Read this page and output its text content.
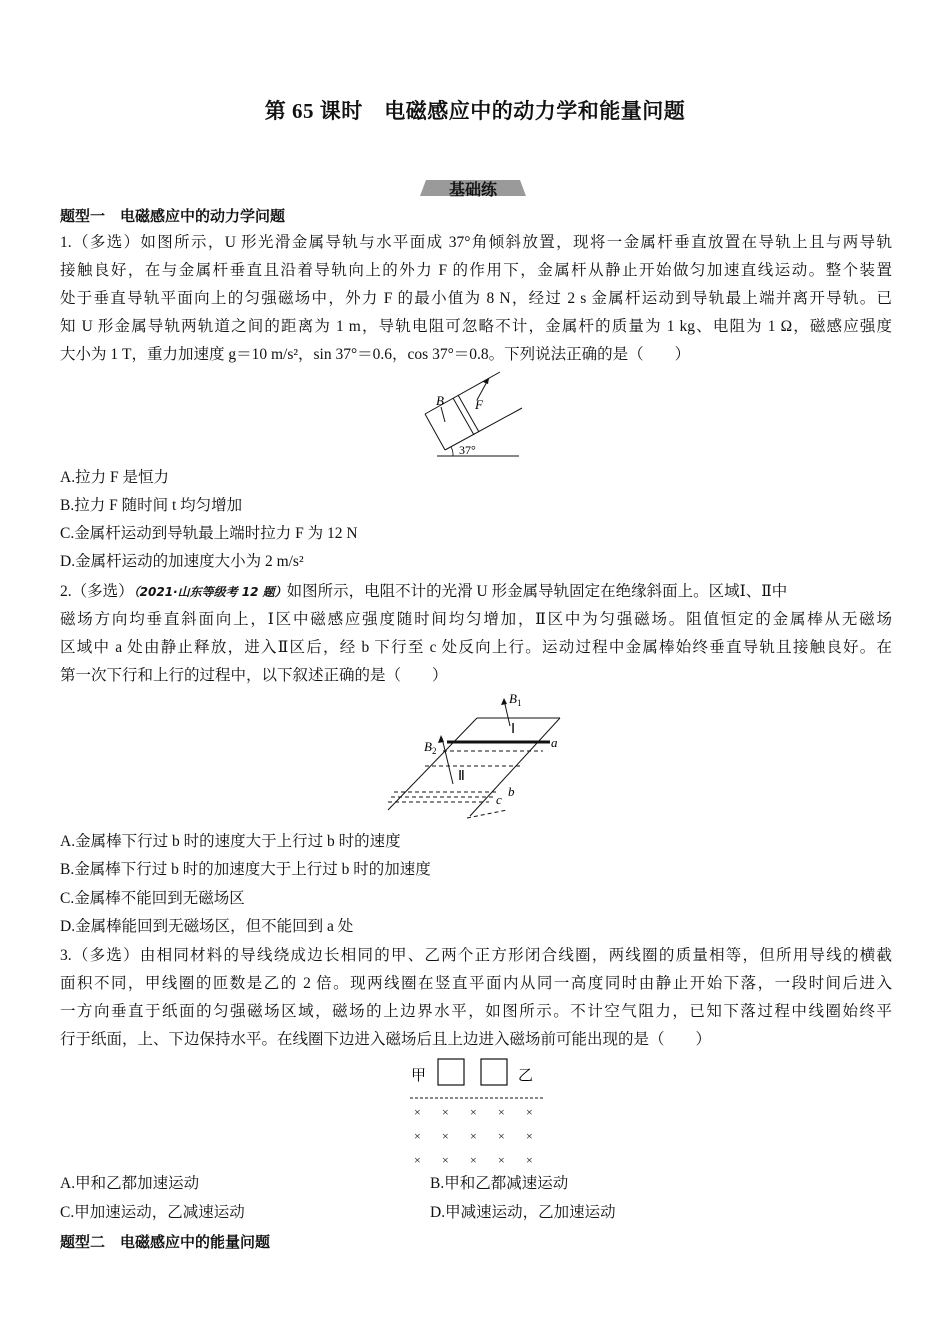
第 65 课时　电磁感应中的动力学和能量问题
基础练
题型一　电磁感应中的动力学问题
1.（多选）如图所示，U 形光滑金属导轨与水平面成 37°角倾斜放置，现将一金属杆垂直放置在导轨上且与两导轨
接触良好，在与金属杆垂直且沿着导轨向上的外力 F 的作用下，金属杆从静止开始做匀加速直线运动。整个装置
处于垂直导轨平面向上的匀强磁场中，外力 F 的最小值为 8 N，经过 2 s 金属杆运动到导轨最上端并离开导轨。已
知 U 形金属导轨两轨道之间的距离为 1 m，导轨电阻可忽略不计，金属杆的质量为 1 kg、电阻为 1 Ω，磁感应强度
大小为 1 T，重力加速度 g＝10 m/s²，sin 37°＝0.6，cos 37°＝0.8。下列说法正确的是（　　）
B F
37°
A.拉力 F 是恒力
B.拉力 F 随时间 t 均匀增加
C.金属杆运动到导轨最上端时拉力 F 为 12 N
D.金属杆运动的加速度大小为 2 m/s²
2.（多选）（2021·山东等级考 12 题）如图所示，电阻不计的光滑 U 形金属导轨固定在绝缘斜面上。区域Ⅰ、Ⅱ中
磁场方向均垂直斜面向上，Ⅰ区中磁感应强度随时间均匀增加，Ⅱ区中为匀强磁场。阻值恒定的金属棒从无磁场
区域中 a 处由静止释放，进入Ⅱ区后，经 b 下行至 c 处反向上行。运动过程中金属棒始终垂直导轨且接触良好。在
第一次下行和上行的过程中，以下叙述正确的是（　　）
$B_1$
$B_2$
Ⅰ
Ⅱ
a
b
c
A.金属棒下行过 b 时的速度大于上行过 b 时的速度
B.金属棒下行过 b 时的加速度大于上行过 b 时的加速度
C.金属棒不能回到无磁场区
D.金属棒能回到无磁场区，但不能回到 a 处
3.（多选）由相同材料的导线绕成边长相同的甲、乙两个正方形闭合线圈，两线圈的质量相等，但所用导线的横截
面积不同，甲线圈的匝数是乙的 2 倍。现两线圈在竖直平面内从同一高度同时由静止开始下落，一段时间后进入
一方向垂直于纸面的匀强磁场区域，磁场的上边界水平，如图所示。不计空气阻力，已知下落过程中线圈始终平
行于纸面，上、下边保持水平。在线圈下边进入磁场后且上边进入磁场前可能出现的是（　　）
甲	乙
× × × × ×
× × × × ×
× × × × ×
A.甲和乙都加速运动	B.甲和乙都减速运动
C.甲加速运动，乙减速运动	D.甲减速运动，乙加速运动
题型二　电磁感应中的能量问题
